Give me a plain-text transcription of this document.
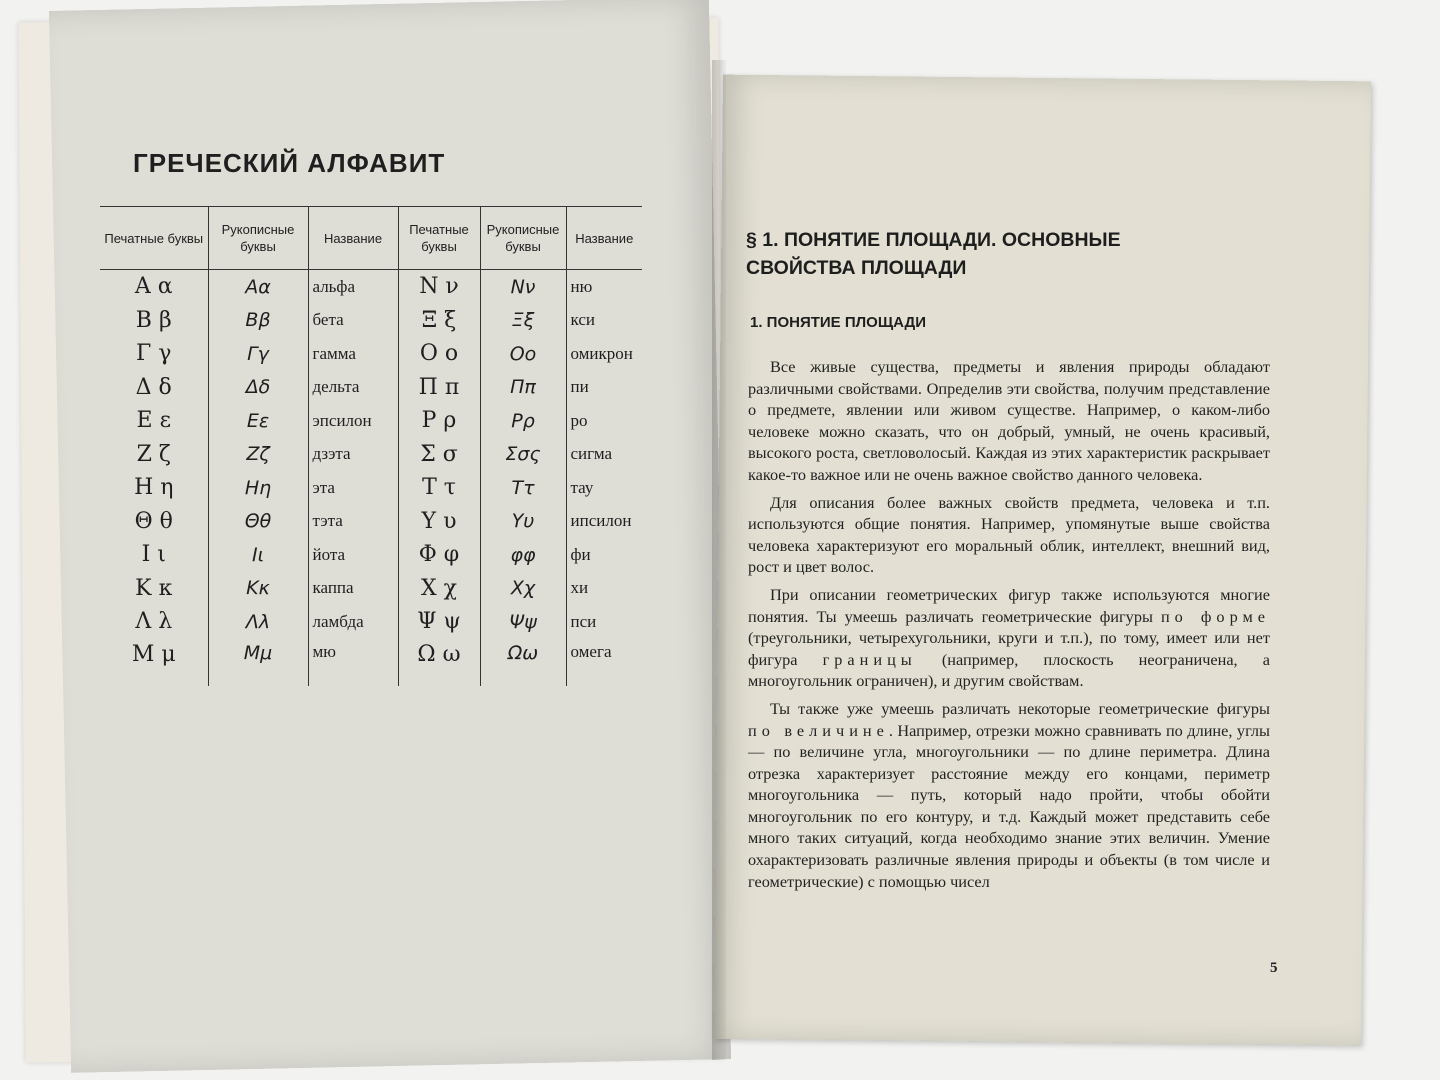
ГРЕЧЕСКИЙ АЛФАВИТ
Печатные буквы	Рукописные буквы	Название	Печатные буквы	Рукописные буквы	Название
Α α	Αα	альфа	Ν ν	Νν	ню
Β β	Ββ	бета	Ξ ξ	Ξξ	кси
Γ γ	Γγ	гамма	Ο ο	Οο	омикрон
Δ δ	Δδ	дельта	Π π	Ππ	пи
Ε ε	Εε	эпсилон	Ρ ρ	Ρρ	ро
Ζ ζ	Ζζ	дзэта	Σ σ	Σσς	сигма
Η η	Ηη	эта	Τ τ	Ττ	тау
Θ θ	Θθ	тэта	Υ υ	Υυ	ипсилон
Ι ι	Ιι	йота	Φ φ	φφ	фи
Κ κ	Κκ	каппа	Χ χ	Χχ	хи
Λ λ	Λλ	ламбда	Ψ ψ	Ψψ	пси
Μ μ	Μμ	мю	Ω ω	Ωω	омега
§ 1. ПОНЯТИЕ ПЛОЩАДИ. ОСНОВНЫЕ
СВОЙСТВА ПЛОЩАДИ
1. ПОНЯТИЕ ПЛОЩАДИ

Все живые существа, предметы и явления природы обладают различными свойствами. Определив эти свойства, получим представление о предмете, явлении или живом существе. Например, о каком-либо человеке можно сказать, что он добрый, умный, не очень красивый, высокого роста, светловолосый. Каждая из этих характеристик раскрывает какое-то важное или не очень важное свойство данного человека.

Для описания более важных свойств предмета, человека и т.п. используются общие понятия. Например, упомянутые выше свойства человека характеризуют его моральный облик, интеллект, внешний вид, рост и цвет волос.

При описании геометрических фигур также используются многие понятия. Ты умеешь различать геометрические фигуры по форме (треугольники, четырехугольники, круги и т.п.), по тому, имеет или нет фигура границы (например, плоскость неограничена, а многоугольник ограничен), и другим свойствам.

Ты также уже умеешь различать некоторые геометрические фигуры по величине. Например, отрезки можно сравнивать по длине, углы — по величине угла, многоугольники — по длине периметра. Длина отрезка характеризует расстояние между его концами, периметр многоугольника — путь, который надо пройти, чтобы обойти многоугольник по его контуру, и т.д. Каждый может представить себе много таких ситуаций, когда необходимо знание этих величин. Умение охарактеризовать различные явления природы и объекты (в том числе и геометрические) с помощью чисел

5
